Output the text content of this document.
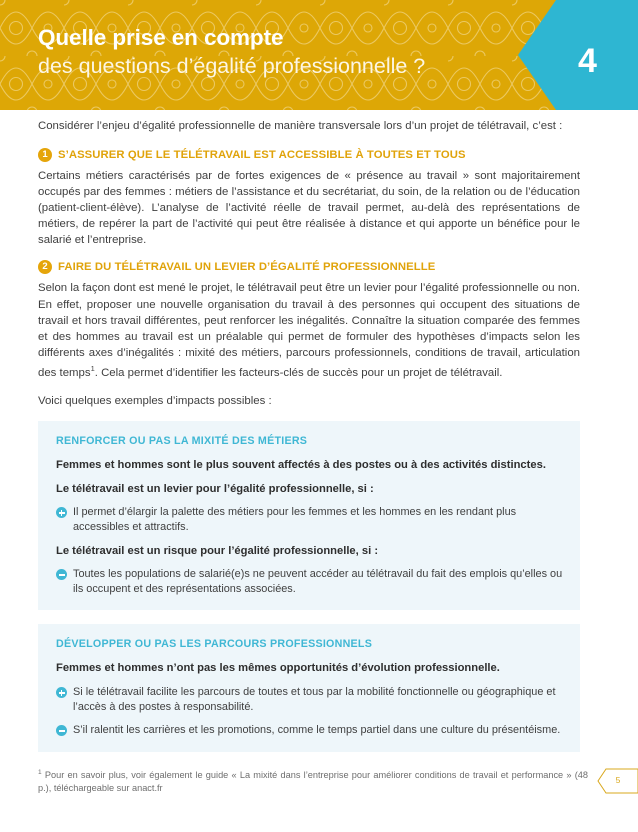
Quelle prise en compte
des questions d’égalité professionnelle ?	4

Considérer l’enjeu d’égalité professionnelle de manière transversale lors d’un projet de télétravail, c’est :

1 S’ASSURER QUE LE TÉLÉTRAVAIL EST ACCESSIBLE À TOUTES ET TOUS

Certains métiers caractérisés par de fortes exigences de « présence au travail » sont majoritairement occupés par des femmes : métiers de l’assistance et du secrétariat, du soin, de la relation ou de l’éducation (patient-client-élève). L’analyse de l’activité réelle de travail permet, au-delà des représentations de métiers, de repérer la part de l’activité qui peut être réalisée à distance et qui apporte un bénéfice pour le salarié et l’entreprise.

2 FAIRE DU TÉLÉTRAVAIL UN LEVIER D’ÉGALITÉ PROFESSIONNELLE

Selon la façon dont est mené le projet, le télétravail peut être un levier pour l’égalité professionnelle ou non. En effet, proposer une nouvelle organisation du travail à des personnes qui occupent des situations de travail et hors travail différentes, peut renforcer les inégalités. Connaître la situation comparée des femmes et des hommes au travail est un préalable qui permet de formuler des hypothèses d’impacts selon les différents axes d’inégalités : mixité des métiers, parcours professionnels, conditions de travail, articulation des temps$^1$. Cela permet d’identifier les facteurs-clés de succès pour un projet de télétravail.

Voici quelques exemples d’impacts possibles :

RENFORCER OU PAS LA MIXITÉ DES MÉTIERS
Femmes et hommes sont le plus souvent affectés à des postes ou à des activités distinctes.
Le télétravail est un levier pour l’égalité professionnelle, si :
Il permet d’élargir la palette des métiers pour les femmes et les hommes en les rendant plus accessibles et attractifs.
Le télétravail est un risque pour l’égalité professionnelle, si :
Toutes les populations de salarié(e)s ne peuvent accéder au télétravail du fait des emplois qu’elles ou ils occupent et des représentations associées.
DÉVELOPPER OU PAS LES PARCOURS PROFESSIONNELS
Femmes et hommes n’ont pas les mêmes opportunités d’évolution professionnelle.
Si le télétravail facilite les parcours de toutes et tous par la mobilité fonctionnelle ou géographique et l’accès à des postes à responsabilité.
S’il ralentit les carrières et les promotions, comme le temps partiel dans une culture du présentéisme.

$^1$ Pour en savoir plus, voir également le guide « La mixité dans l’entreprise pour améliorer conditions de travail et performance » (48 p.), téléchargeable sur anact.fr

5
